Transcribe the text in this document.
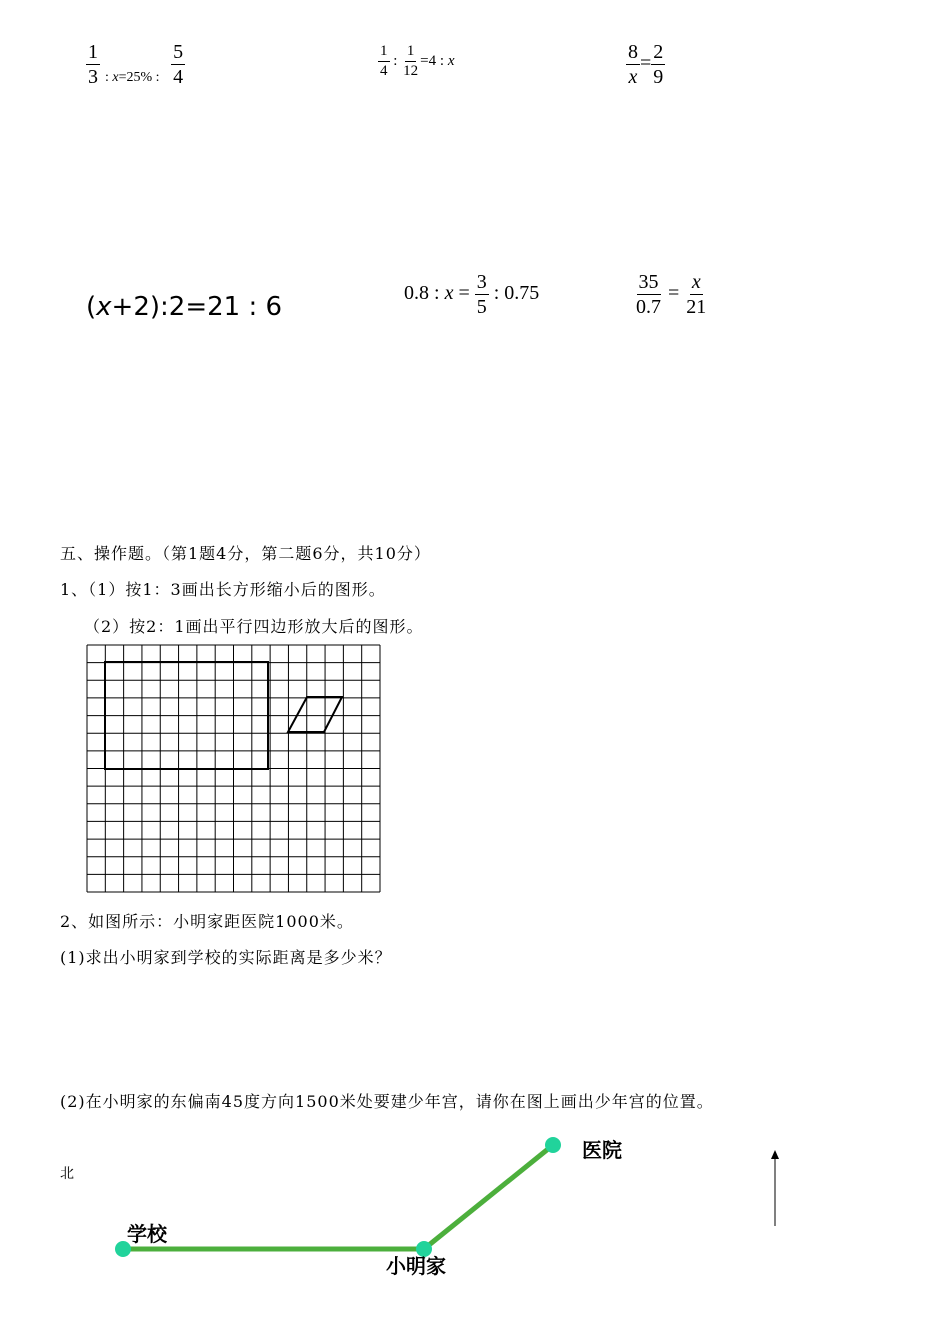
$\frac{1}{3} _{: x=25\% :} \frac{5}{4}$	$\frac{1}{4}$ : $\frac{1}{12} =4$ : x	$\frac{8}{x} = \frac{2}{9}$
(x+2):2=21 : 6	0.8 : $x = \frac{3}{5}$ : 0.75	$\frac{35}{0.7} = \frac{x}{21}$
五、操作题。（第1题4分，第二题6分，共10分）
1、（1）按1：3画出长方形缩小后的图形。
（2）按2：1画出平行四边形放大后的图形。
2、如图所示：小明家距医院1000米。
(1)求出小明家到学校的实际距离是多少米？
(2)在小明家的东偏南45度方向1500米处要建少年宫，请你在图上画出少年宫的位置。
北
医院
学校
小明家
